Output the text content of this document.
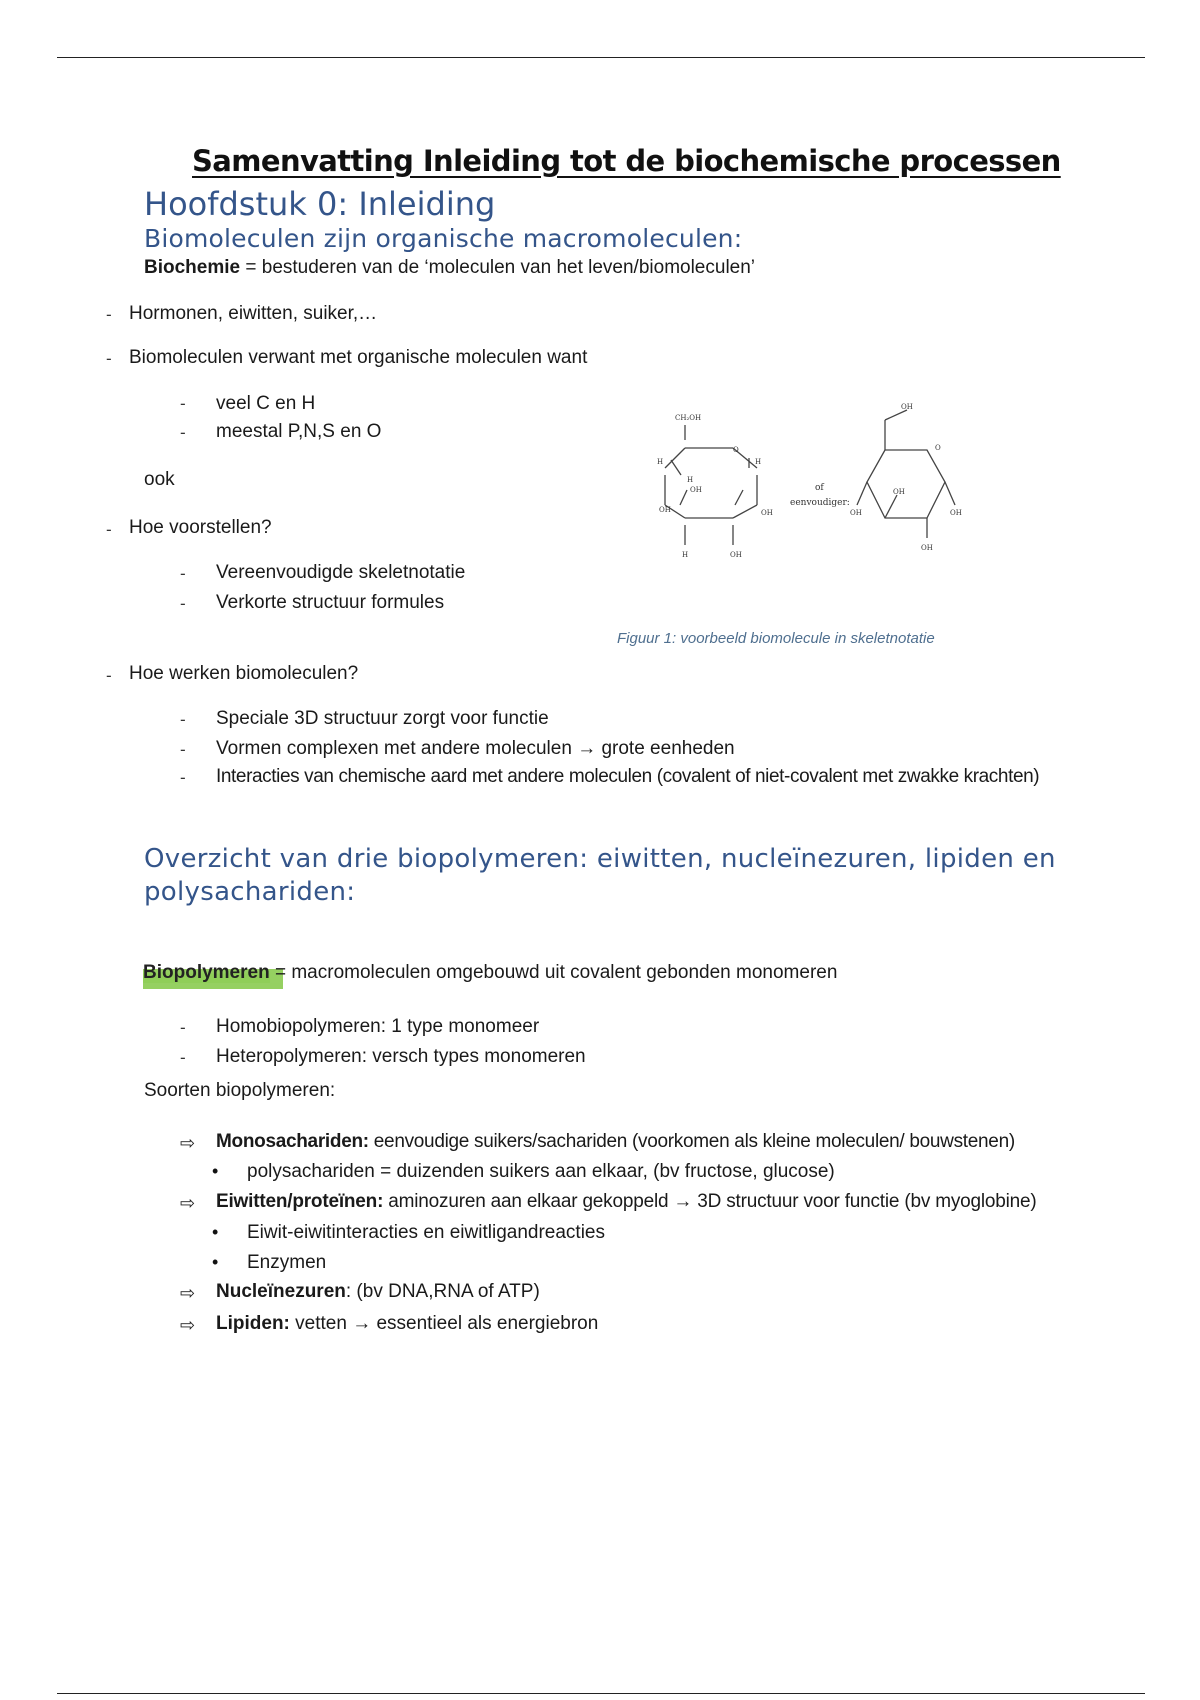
Samenvatting Inleiding tot de biochemische processen
Hoofdstuk 0: Inleiding
Biomoleculen zijn organische macromoleculen:
Biochemie = bestuderen van de ‘moleculen van het leven/biomoleculen’
- Hormonen, eiwitten, suiker,…
- Biomoleculen verwant met organische moleculen want
- veel C en H
- meestal P,N,S en O
ook
- Hoe voorstellen?
- Vereenvoudigde skeletnotatie
- Verkorte structuur formules
CH₂OH
O
H	H
OH
OH
H	OH
OH
H
of
eenvoudiger:
OH
O
OH
OH
OH
OH
Figuur 1: voorbeeld biomolecule in skeletnotatie
- Hoe werken biomoleculen?
- Speciale 3D structuur zorgt voor functie
- Vormen complexen met andere moleculen → grote eenheden
- Interacties van chemische aard met andere moleculen (covalent of niet-covalent met zwakke krachten)
Overzicht van drie biopolymeren: eiwitten, nucleïnezuren, lipiden en polysachariden:
Biopolymeren = macromoleculen omgebouwd uit covalent gebonden monomeren
- Homobiopolymeren: 1 type monomeer
- Heteropolymeren: versch types monomeren
Soorten biopolymeren:
⇨ Monosachariden: eenvoudige suikers/sachariden (voorkomen als kleine moleculen/ bouwstenen)
• polysachariden = duizenden suikers aan elkaar, (bv fructose, glucose)
⇨ Eiwitten/proteïnen: aminozuren aan elkaar gekoppeld → 3D structuur voor functie (bv myoglobine)
• Eiwit-eiwitinteracties en eiwitligandreacties
• Enzymen
⇨ Nucleïnezuren: (bv DNA,RNA of ATP)
⇨ Lipiden: vetten → essentieel als energiebron
